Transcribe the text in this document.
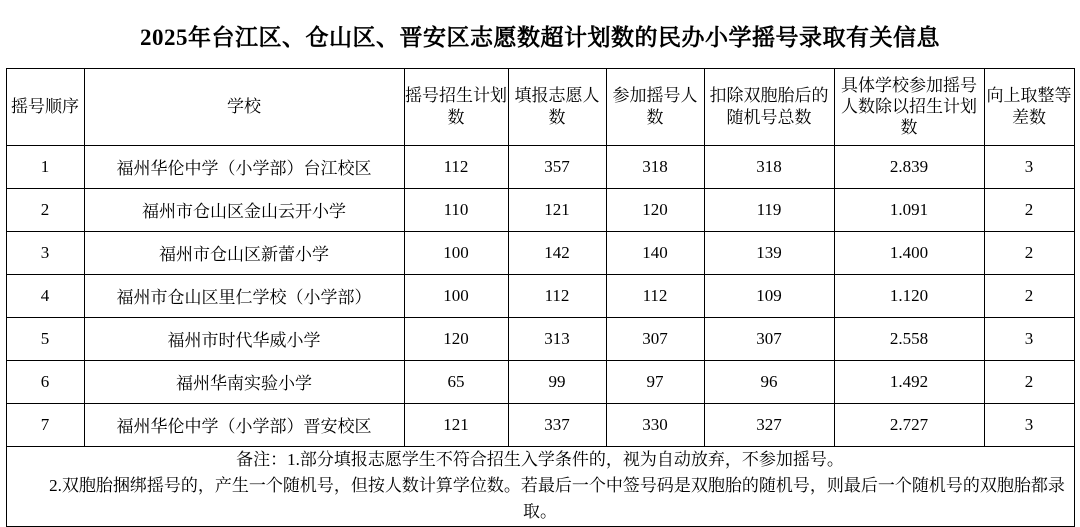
2025年台江区、仓山区、晋安区志愿数超计划数的民办小学摇号录取有关信息
摇号顺序	学校	摇号招生计划数	填报志愿人数	参加摇号人数	扣除双胞胎后的随机号总数	具体学校参加摇号人数除以招生计划数	向上取整等差数
1	福州华伦中学（小学部）台江校区	112	357	318	318	2.839	3
2	福州市仓山区金山云开小学	110	121	120	119	1.091	2
3	福州市仓山区新蕾小学	100	142	140	139	1.400	2
4	福州市仓山区里仁学校（小学部）	100	112	112	109	1.120	2
5	福州市时代华威小学	120	313	307	307	2.558	3
6	福州华南实验小学	65	99	97	96	1.492	2
7	福州华伦中学（小学部）晋安校区	121	337	330	327	2.727	3

备注：1.部分填报志愿学生不符合招生入学条件的，视为自动放弃，不参加摇号。
2.双胞胎捆绑摇号的，产生一个随机号，但按人数计算学位数。若最后一个中签号码是双胞胎的随机号，则最后一个随机号的双胞胎都录取。							
